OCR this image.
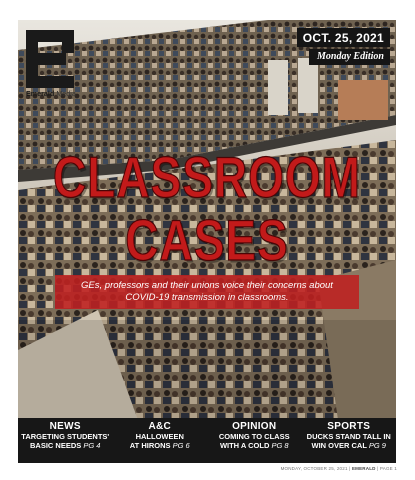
Emerald Media
OCT. 25, 2021
Monday Edition
CLASSROOM
CASES
GEs, professors and their unions voice their concerns about COVID-19 transmission in classrooms.
NEWS
TARGETING STUDENTS'
BASIC NEEDS PG 4
A&C
HALLOWEEN
AT HIRONS PG 6
OPINION
COMING TO CLASS
WITH A COLD PG 8
SPORTS
DUCKS STAND TALL IN
WIN OVER CAL PG 9
MONDAY, OCTOBER 25, 2021 | EMERALD | PAGE 1
